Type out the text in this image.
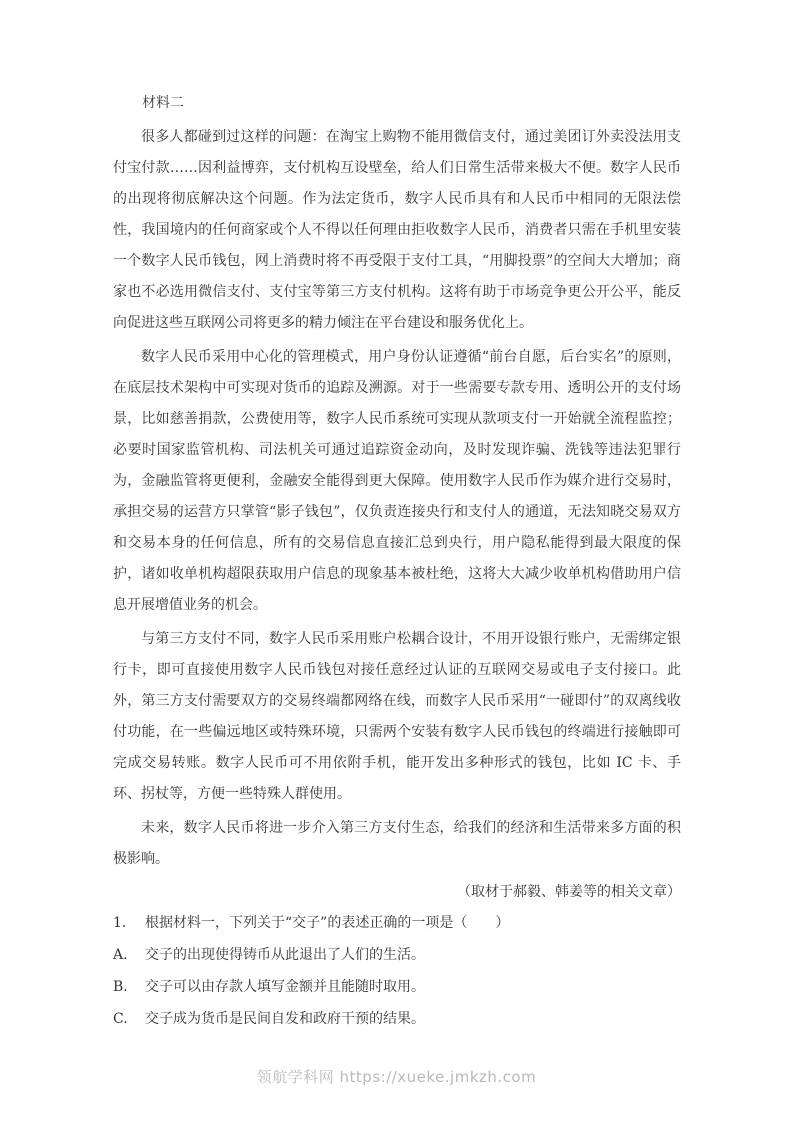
材料二

很多人都碰到过这样的问题：在淘宝上购物不能用微信支付，通过美团订外卖没法用支付宝付款……因利益博弈，支付机构互设壁垒，给人们日常生活带来极大不便。数字人民币的出现将彻底解决这个问题。作为法定货币，数字人民币具有和人民币中相同的无限法偿性，我国境内的任何商家或个人不得以任何理由拒收数字人民币，消费者只需在手机里安装一个数字人民币钱包，网上消费时将不再受限于支付工具，“用脚投票”的空间大大增加；商家也不必选用微信支付、支付宝等第三方支付机构。这将有助于市场竞争更公开公平，能反向促进这些互联网公司将更多的精力倾注在平台建设和服务优化上。

数字人民币采用中心化的管理模式，用户身份认证遵循“前台自愿，后台实名”的原则，在底层技术架构中可实现对货币的追踪及溯源。对于一些需要专款专用、透明公开的支付场景，比如慈善捐款，公费使用等，数字人民币系统可实现从款项支付一开始就全流程监控；必要时国家监管机构、司法机关可通过追踪资金动向，及时发现诈骗、洗钱等违法犯罪行为，金融监管将更便利，金融安全能得到更大保障。使用数字人民币作为媒介进行交易时，承担交易的运营方只掌管“影子钱包”，仅负责连接央行和支付人的通道，无法知晓交易双方和交易本身的任何信息，所有的交易信息直接汇总到央行，用户隐私能得到最大限度的保护，诸如收单机构超限获取用户信息的现象基本被杜绝，这将大大减少收单机构借助用户信息开展增值业务的机会。

与第三方支付不同，数字人民币采用账户松耦合设计，不用开设银行账户，无需绑定银行卡，即可直接使用数字人民币钱包对接任意经过认证的互联网交易或电子支付接口。此外，第三方支付需要双方的交易终端都网络在线，而数字人民币采用“一碰即付”的双离线收付功能，在一些偏远地区或特殊环境，只需两个安装有数字人民币钱包的终端进行接触即可完成交易转账。数字人民币可不用依附手机，能开发出多种形式的钱包，比如 IC 卡、手环、拐杖等，方便一些特殊人群使用。

未来，数字人民币将进一步介入第三方支付生态，给我们的经济和生活带来多方面的积极影响。

（取材于郝毅、韩姜等的相关文章）

1. 根据材料一，下列关于“交子”的表述正确的一项是（　　）
A. 交子的出现使得铸币从此退出了人们的生活。
B. 交子可以由存款人填写金额并且能随时取用。
C. 交子成为货币是民间自发和政府干预的结果。
领航学科网 https://xueke.jmkzh.com
